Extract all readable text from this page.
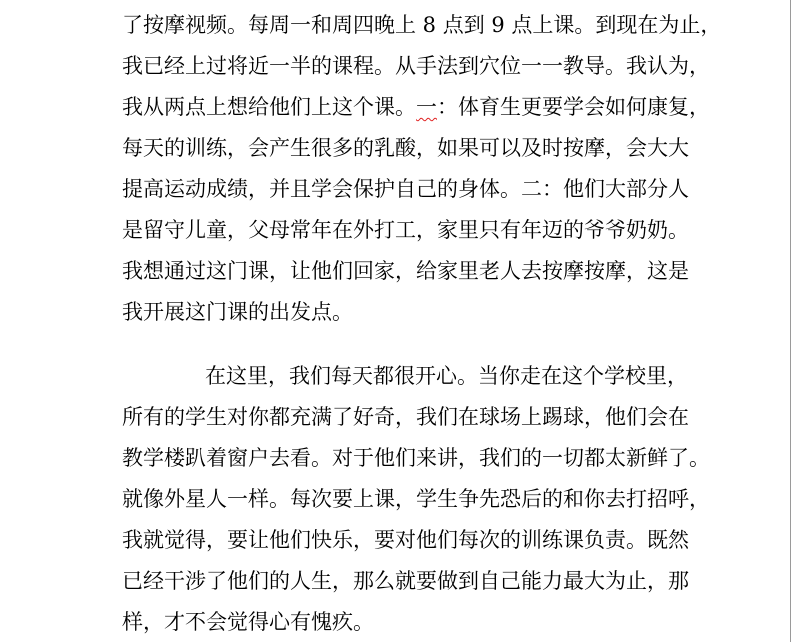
了按摩视频。每周一和周四晚上 8 点到 9 点上课。到现在为止，
我已经上过将近一半的课程。从手法到穴位一一教导。我认为，
我从两点上想给他们上这个课。一：体育生更要学会如何康复，
每天的训练，会产生很多的乳酸，如果可以及时按摩，会大大
提高运动成绩，并且学会保护自己的身体。二：他们大部分人
是留守儿童，父母常年在外打工，家里只有年迈的爷爷奶奶。
我想通过这门课，让他们回家，给家里老人去按摩按摩，这是
我开展这门课的出发点。
在这里，我们每天都很开心。当你走在这个学校里，
所有的学生对你都充满了好奇，我们在球场上踢球，他们会在
教学楼趴着窗户去看。对于他们来讲，我们的一切都太新鲜了。
就像外星人一样。每次要上课，学生争先恐后的和你去打招呼，
我就觉得，要让他们快乐，要对他们每次的训练课负责。既然
已经干涉了他们的人生，那么就要做到自己能力最大为止，那
样，才不会觉得心有愧疚。
